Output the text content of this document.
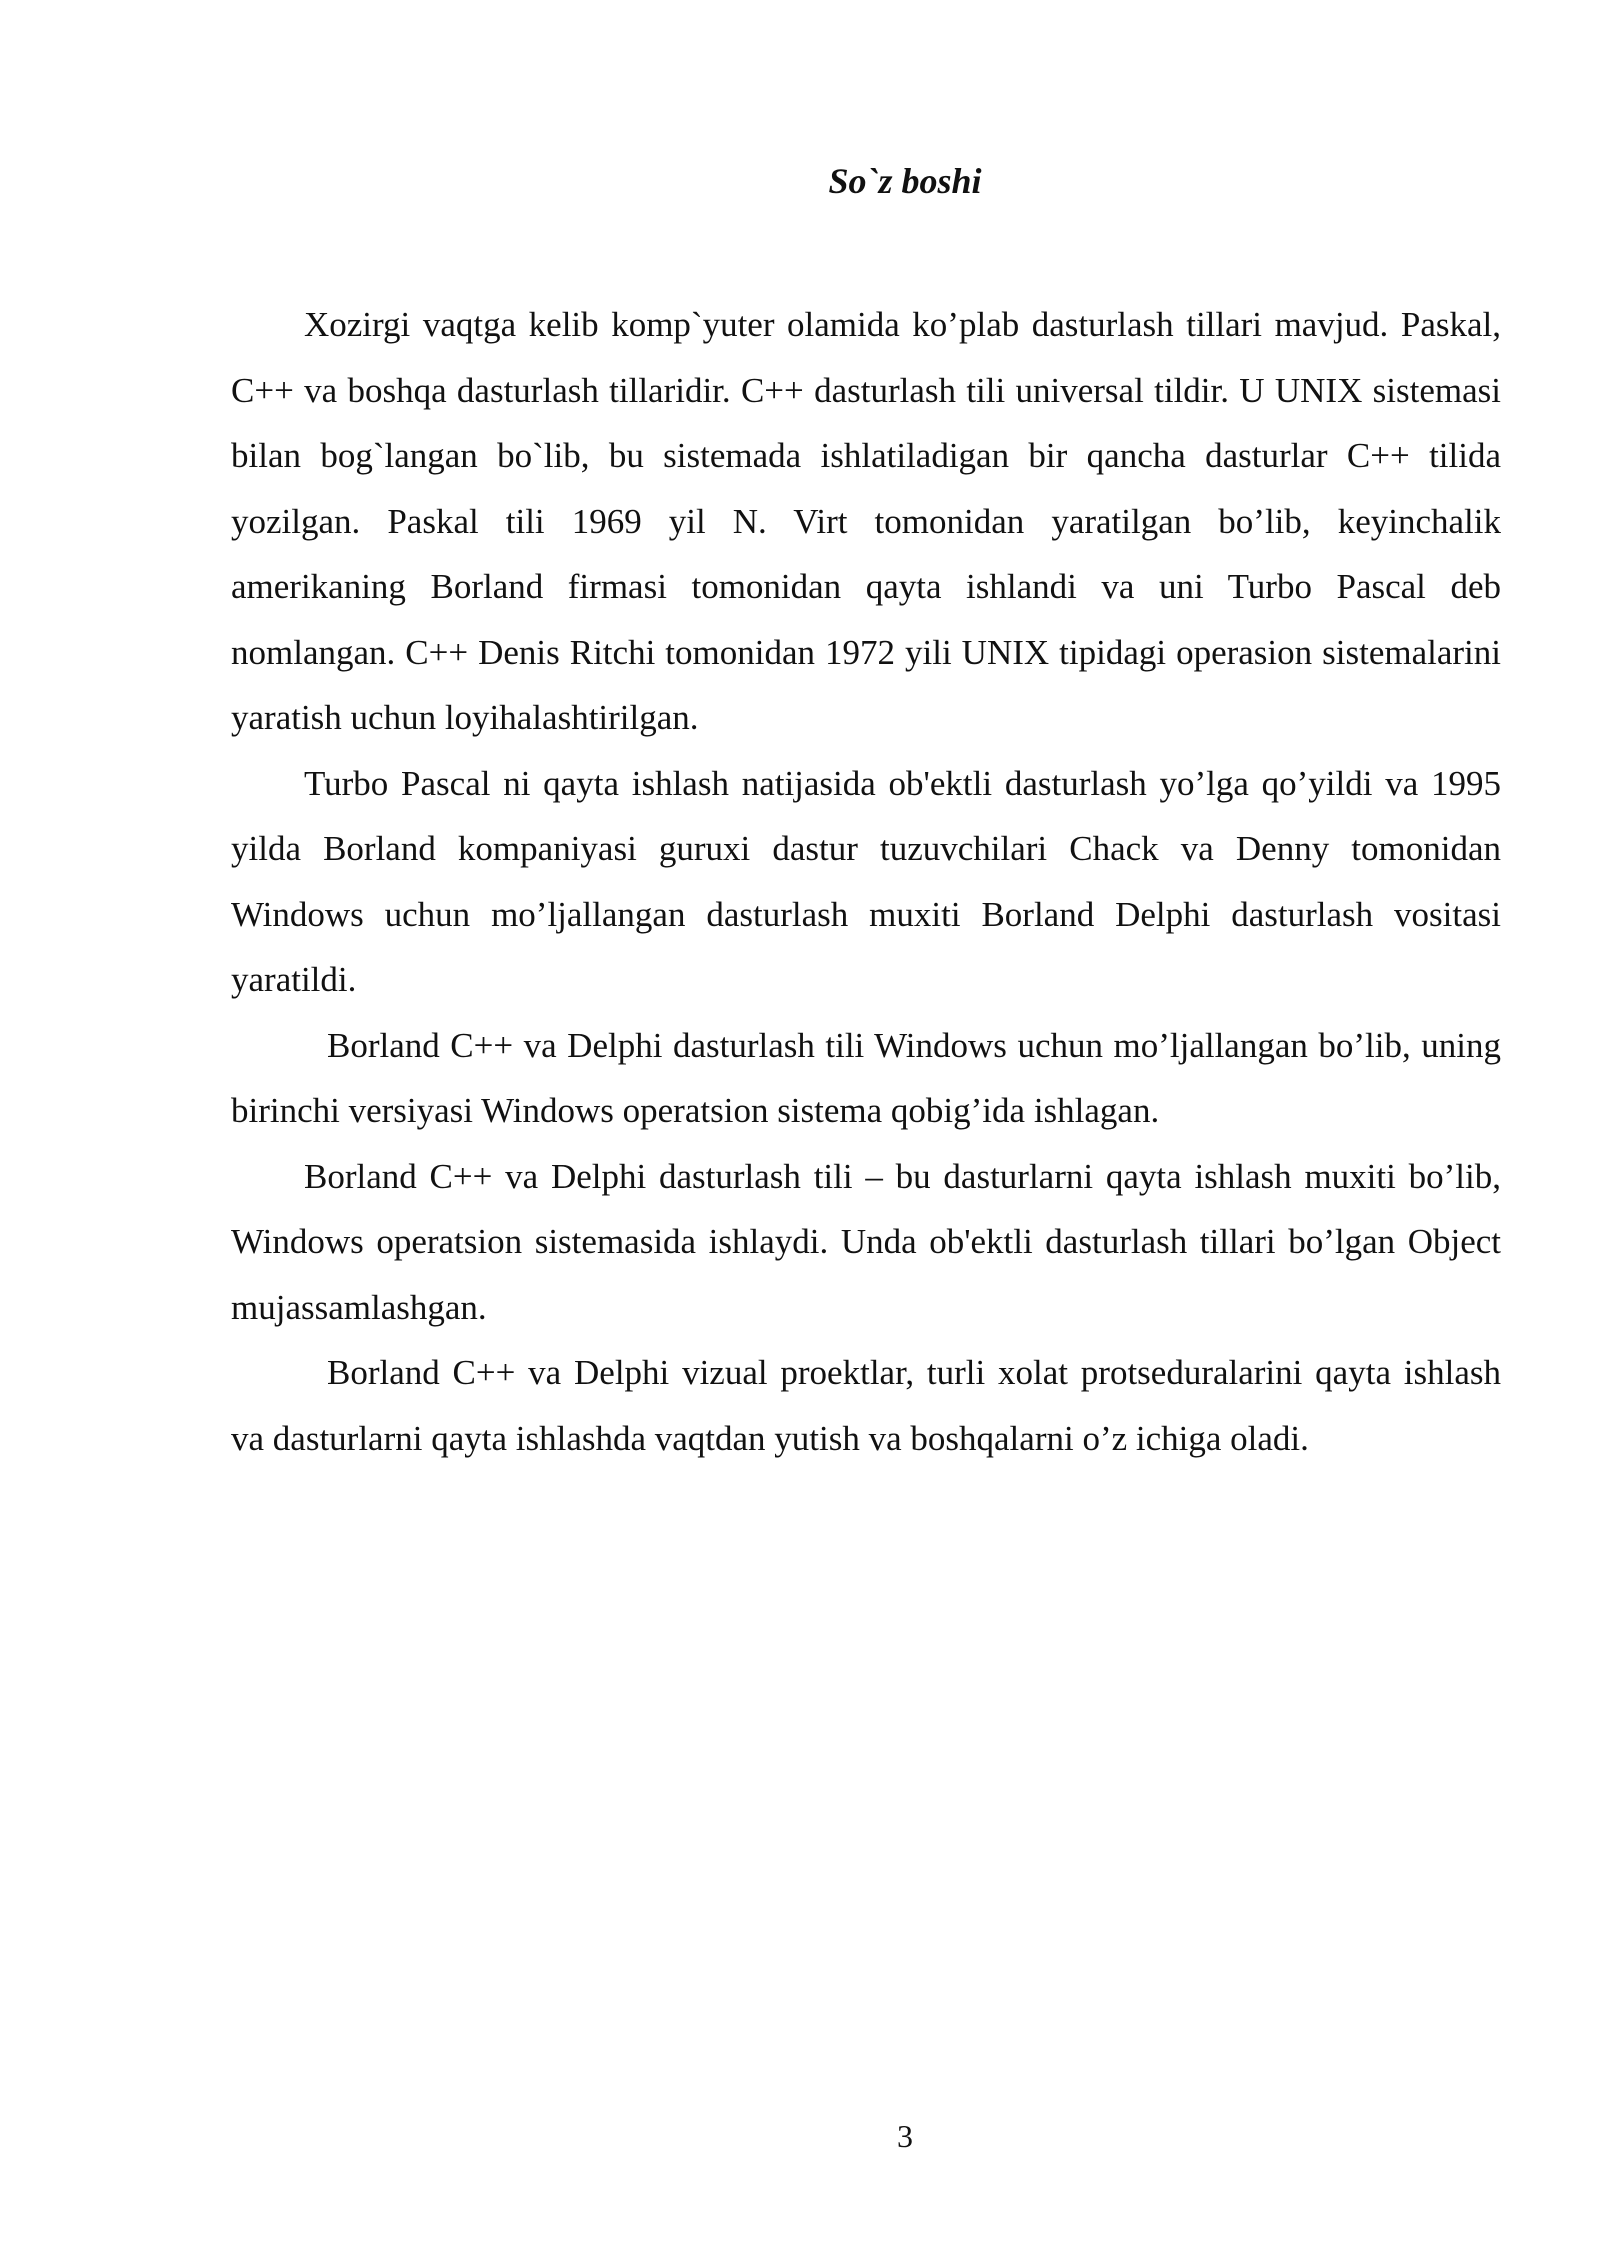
So`z boshi

Xozirgi vaqtga kelib komp`yuter olamida ko’plab dasturlash tillari mavjud. Paskal, C++ va boshqa dasturlash tillaridir. C++ dasturlash tili universal tildir. U UNIX sistemasi bilan bog`langan bo`lib, bu sistemada ishlatiladigan bir qancha dasturlar C++ tilida yozilgan. Paskal tili 1969 yil N. Virt tomonidan yaratilgan bo’lib, keyinchalik amerikaning Borland firmasi tomonidan qayta ishlandi va uni Turbo Pascal deb nomlangan. C++ Denis Ritchi tomonidan 1972 yili UNIX tipidagi operasion sistemalarini yaratish uchun loyihalashtirilgan.

Turbo Pascal ni qayta ishlash natijasida ob'ektli dasturlash yo’lga qo’yildi va 1995 yilda Borland kompaniyasi guruxi dastur tuzuvchilari Chack va Denny tomonidan Windows uchun mo’ljallangan dasturlash muxiti Borland Delphi dasturlash vositasi yaratildi.

Borland C++ va Delphi dasturlash tili Windows uchun mo’ljallangan bo’lib, uning birinchi versiyasi Windows operatsion sistema qobig’ida ishlagan.

Borland C++ va Delphi dasturlash tili – bu dasturlarni qayta ishlash muxiti bo’lib, Windows operatsion sistemasida ishlaydi. Unda ob'ektli dasturlash tillari bo’lgan Object mujassamlashgan.

Borland C++ va Delphi vizual proektlar, turli xolat protseduralarini qayta ishlash va dasturlarni qayta ishlashda vaqtdan yutish va boshqalarni o’z ichiga oladi.

3
